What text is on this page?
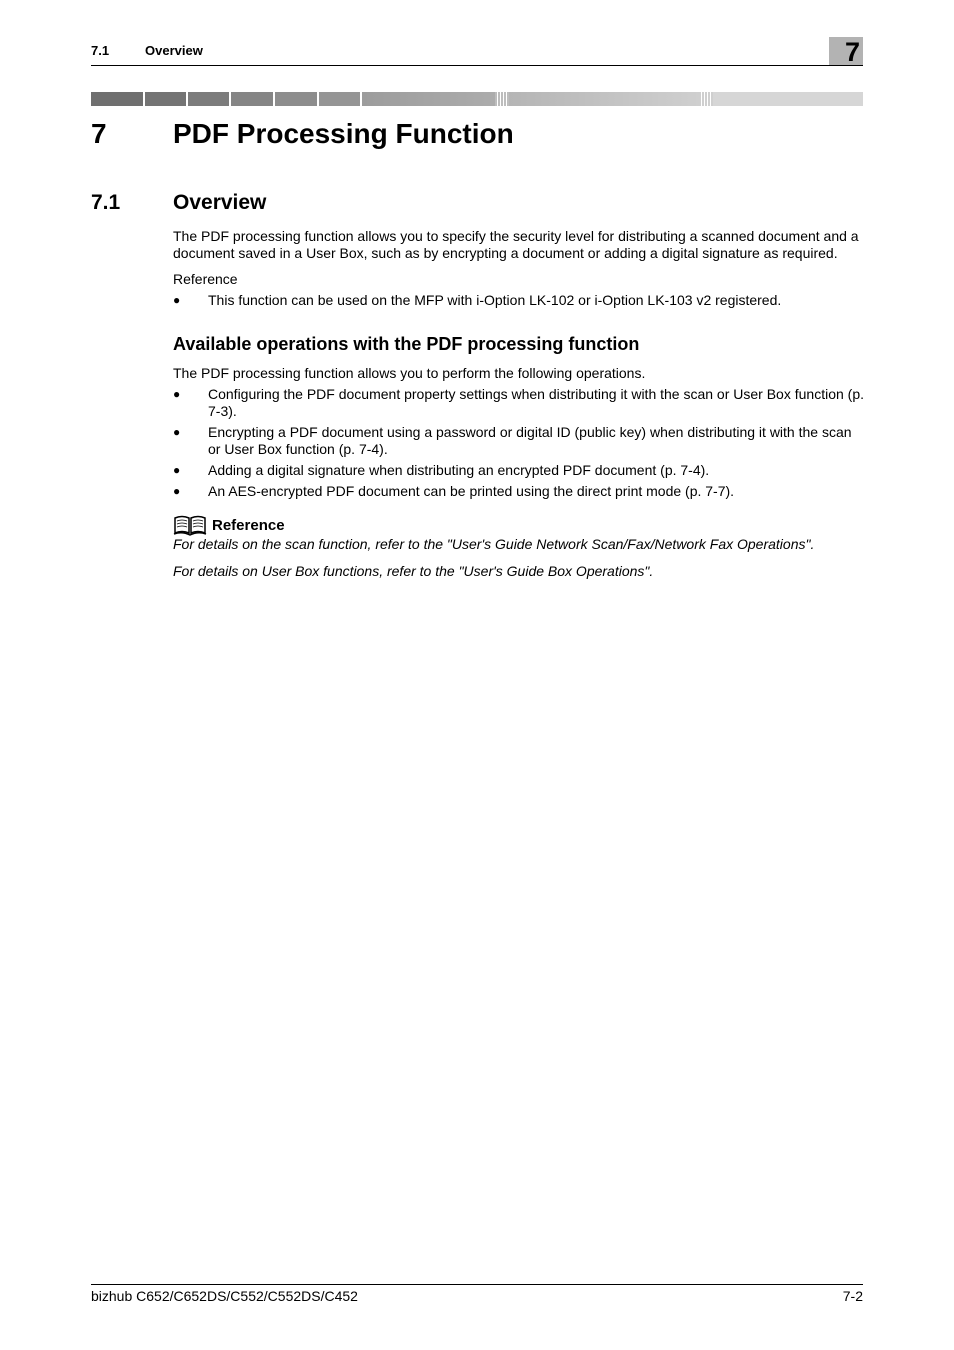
7.1	Overview	7
7 PDF Processing Function
7.1	Overview

The PDF processing function allows you to specify the security level for distributing a scanned document and a document saved in a User Box, such as by encrypting a document or adding a digital signature as required.

Reference

● This function can be used on the MFP with i-Option LK-102 or i-Option LK-103 v2 registered.
Available operations with the PDF processing function

The PDF processing function allows you to perform the following operations.

● Configuring the PDF document property settings when distributing it with the scan or User Box function (p. 7-3).
● Encrypting a PDF document using a password or digital ID (public key) when distributing it with the scan or User Box function (p. 7-4).
● Adding a digital signature when distributing an encrypted PDF document (p. 7-4).
● An AES-encrypted PDF document can be printed using the direct print mode (p. 7-7).
Reference

For details on the scan function, refer to the "User's Guide Network Scan/Fax/Network Fax Operations".

For details on User Box functions, refer to the "User's Guide Box Operations".

bizhub C652/C652DS/C552/C552DS/C452	7-2
